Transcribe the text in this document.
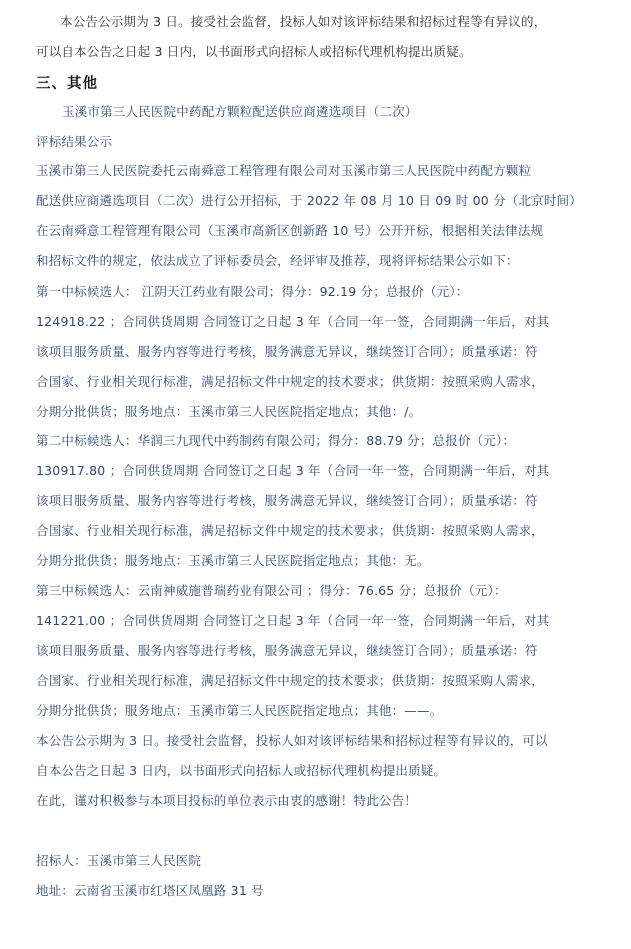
本公告公示期为 3 日。接受社会监督，投标人如对该评标结果和招标过程等有异议的，
可以自本公告之日起 3 日内，以书面形式向招标人或招标代理机构提出质疑。
三、其他
玉溪市第三人民医院中药配方颗粒配送供应商遴选项目（二次）
评标结果公示
玉溪市第三人民医院委托云南舜意工程管理有限公司对玉溪市第三人民医院中药配方颗粒
配送供应商遴选项目（二次）进行公开招标，于 2022 年 08 月 10 日 09 时 00 分（北京时间）
在云南舜意工程管理有限公司（玉溪市高新区创新路 10 号）公开开标，根据相关法律法规
和招标文件的规定，依法成立了评标委员会，经评审及推荐，现将评标结果公示如下：
第一中标候选人： 江阴天江药业有限公司；得分：92.19 分；总报价（元）：
124918.22 ；合同供货周期 合同签订之日起 3 年（合同一年一签，合同期满一年后，对其
该项目服务质量、服务内容等进行考核，服务满意无异议，继续签订合同）；质量承诺：符
合国家、行业相关现行标准，满足招标文件中规定的技术要求；供货期：按照采购人需求，
分期分批供货；服务地点：玉溪市第三人民医院指定地点；其他：/。
第二中标候选人：华润三九现代中药制药有限公司；得分：88.79 分；总报价（元）：
130917.80 ；合同供货周期 合同签订之日起 3 年（合同一年一签，合同期满一年后，对其
该项目服务质量、服务内容等进行考核，服务满意无异议，继续签订合同）；质量承诺：符
合国家、行业相关现行标准，满足招标文件中规定的技术要求；供货期：按照采购人需求，
分期分批供货；服务地点：玉溪市第三人民医院指定地点；其他：无。
第三中标候选人：云南神威施普瑞药业有限公司 ；得分：76.65 分；总报价（元）：
141221.00 ；合同供货周期 合同签订之日起 3 年（合同一年一签，合同期满一年后，对其
该项目服务质量、服务内容等进行考核，服务满意无异议，继续签订合同）；质量承诺：符
合国家、行业相关现行标准，满足招标文件中规定的技术要求；供货期：按照采购人需求，
分期分批供货；服务地点：玉溪市第三人民医院指定地点；其他：——。
本公告公示期为 3 日。接受社会监督，投标人如对该评标结果和招标过程等有异议的，可以
自本公告之日起 3 日内，以书面形式向招标人或招标代理机构提出质疑。
在此，谨对积极参与本项目投标的单位表示由衷的感谢！特此公告！
招标人：玉溪市第三人民医院
地址：云南省玉溪市红塔区凤凰路 31 号
